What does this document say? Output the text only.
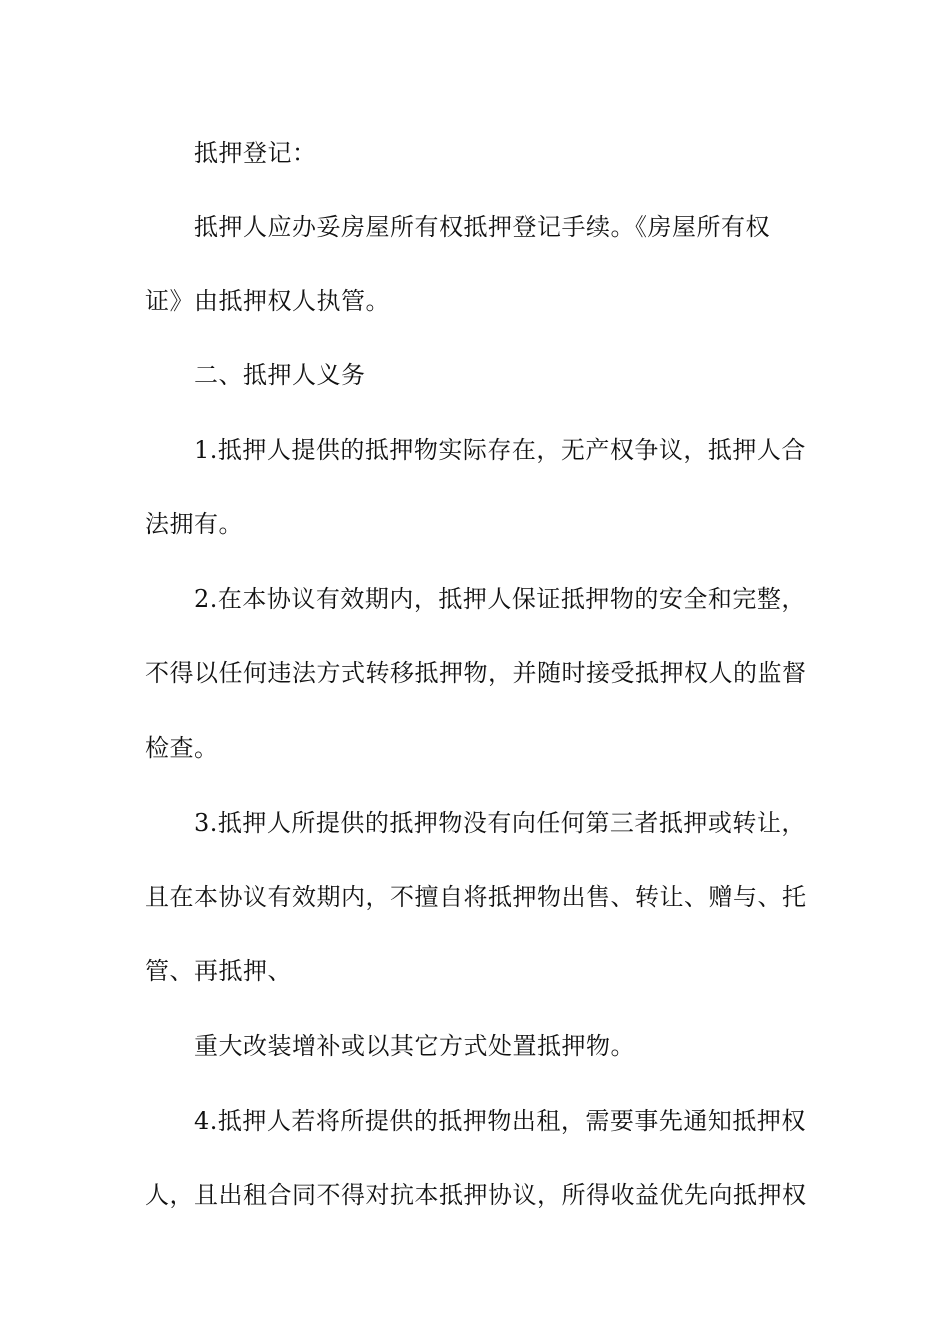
抵押登记：
抵押人应办妥房屋所有权抵押登记手续。《房屋所有权
证》由抵押权人执管。
二、抵押人义务
1.抵押人提供的抵押物实际存在，无产权争议，抵押人合
法拥有。
2.在本协议有效期内，抵押人保证抵押物的安全和完整，
不得以任何违法方式转移抵押物，并随时接受抵押权人的监督
检查。
3.抵押人所提供的抵押物没有向任何第三者抵押或转让，
且在本协议有效期内，不擅自将抵押物出售、转让、赠与、托
管、再抵押、
重大改装增补或以其它方式处置抵押物。
4.抵押人若将所提供的抵押物出租，需要事先通知抵押权
人，且出租合同不得对抗本抵押协议，所得收益优先向抵押权
